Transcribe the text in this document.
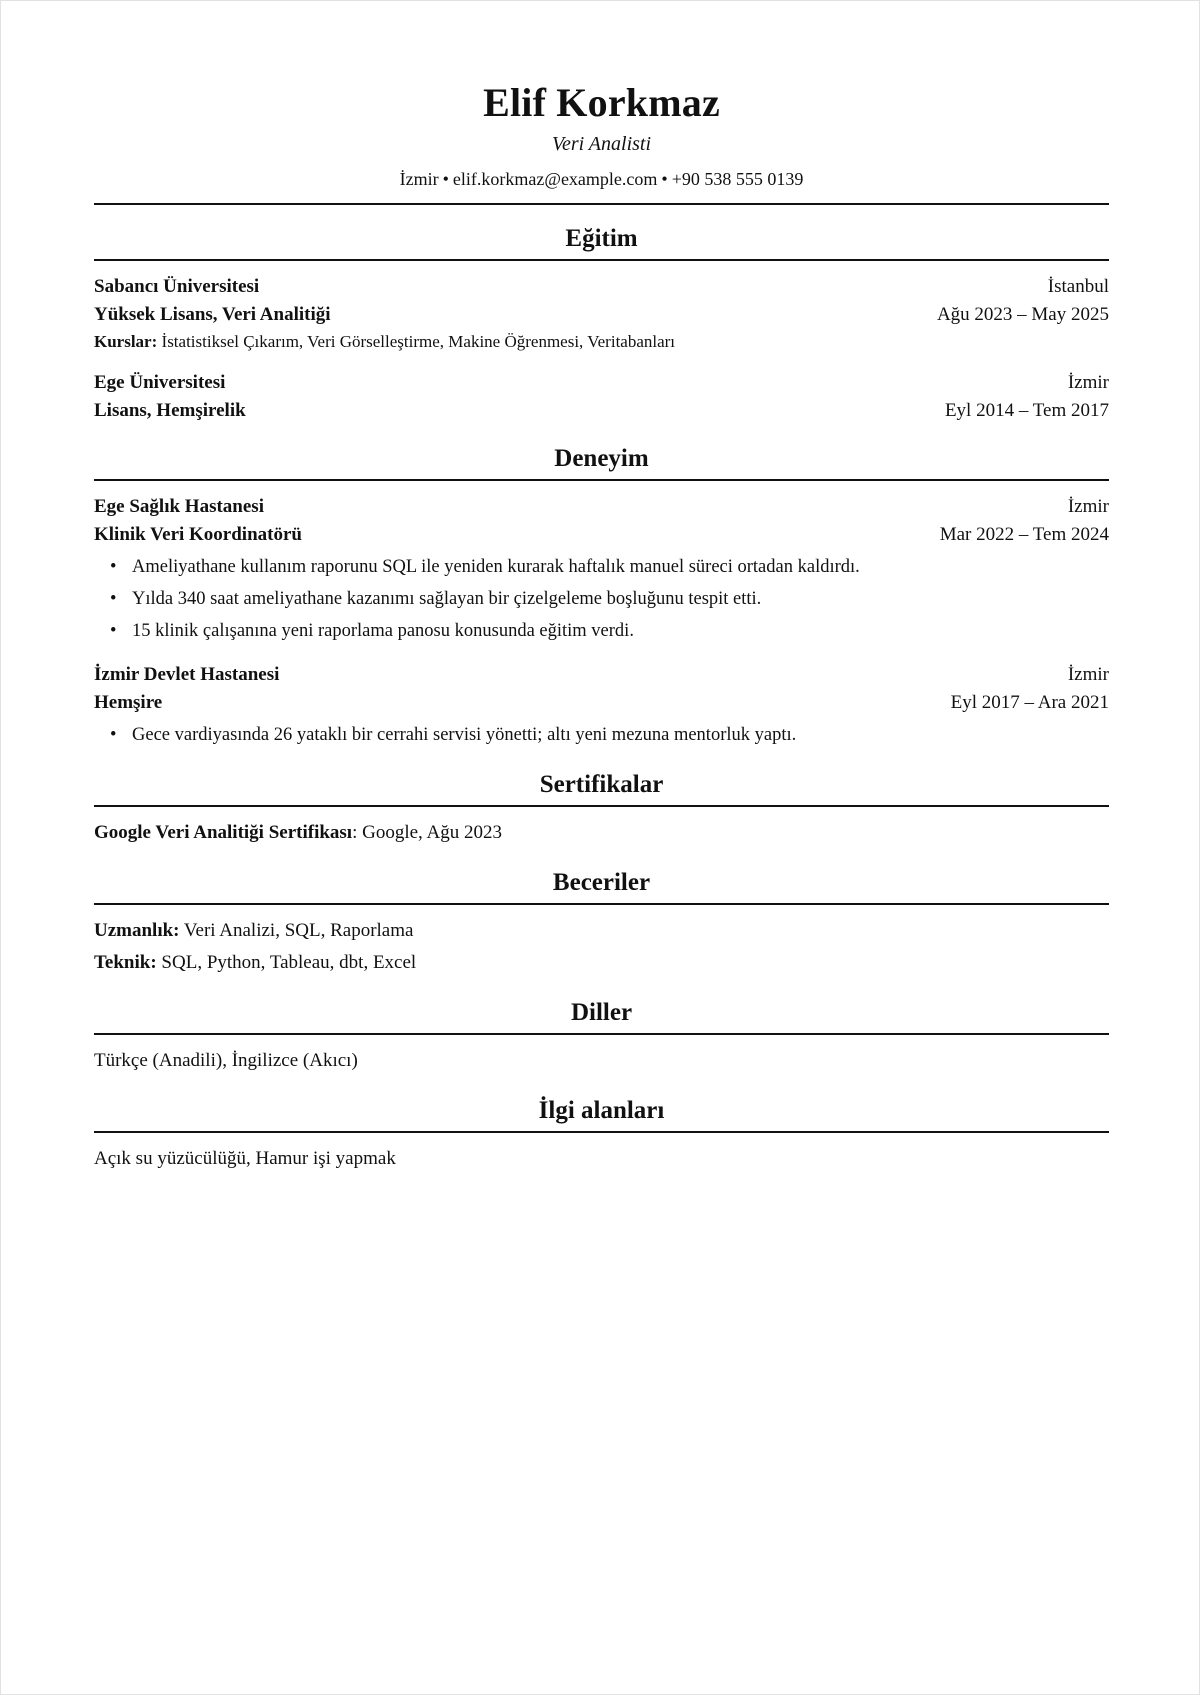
Elif Korkmaz
Veri Analisti
İzmir • elif.korkmaz@example.com • +90 538 555 0139
Eğitim
Sabancı Üniversitesi	İstanbul
Yüksek Lisans, Veri Analitiği	Ağu 2023 – May 2025
Kurslar: İstatistiksel Çıkarım, Veri Görselleştirme, Makine Öğrenmesi, Veritabanları
Ege Üniversitesi	İzmir
Lisans, Hemşirelik	Eyl 2014 – Tem 2017
Deneyim
Ege Sağlık Hastanesi	İzmir
Klinik Veri Koordinatörü	Mar 2022 – Tem 2024
• Ameliyathane kullanım raporunu SQL ile yeniden kurarak haftalık manuel süreci ortadan kaldırdı.
• Yılda 340 saat ameliyathane kazanımı sağlayan bir çizelgeleme boşluğunu tespit etti.
• 15 klinik çalışanına yeni raporlama panosu konusunda eğitim verdi.
İzmir Devlet Hastanesi	İzmir
Hemşire	Eyl 2017 – Ara 2021
• Gece vardiyasında 26 yataklı bir cerrahi servisi yönetti; altı yeni mezuna mentorluk yaptı.
Sertifikalar
Google Veri Analitiği Sertifikası: Google, Ağu 2023
Beceriler
Uzmanlık: Veri Analizi, SQL, Raporlama
Teknik: SQL, Python, Tableau, dbt, Excel
Diller
Türkçe (Anadili), İngilizce (Akıcı)
İlgi alanları
Açık su yüzücülüğü, Hamur işi yapmak
